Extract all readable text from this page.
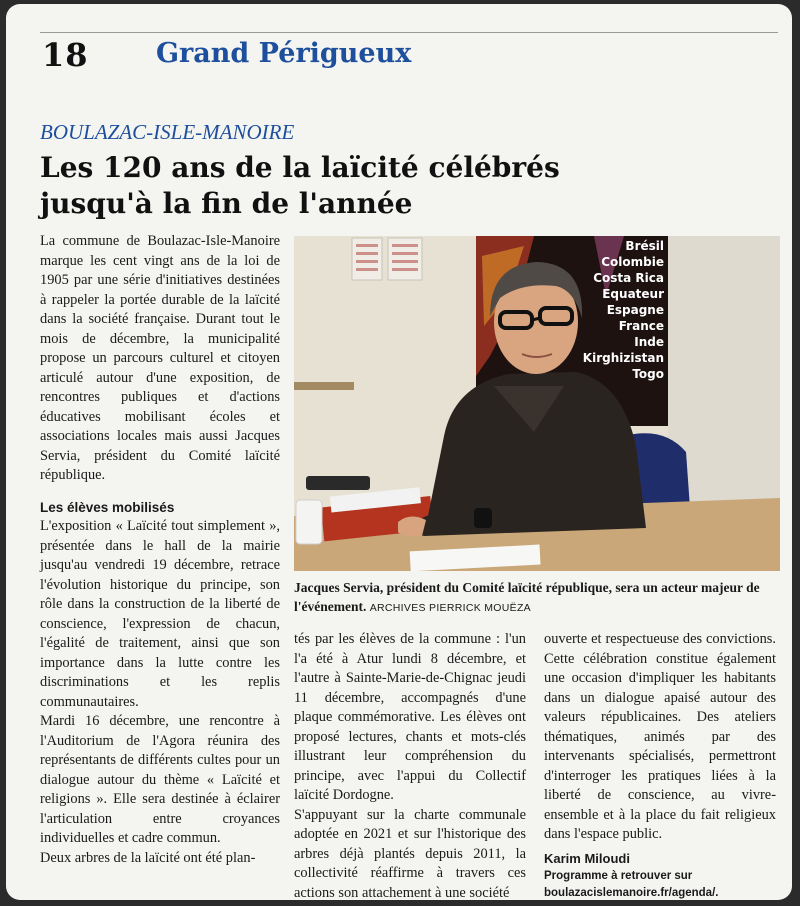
18 Grand Périgueux
BOULAZAC-ISLE-MANOIRE
Les 120 ans de la laïcité célébrés
jusqu'à la fin de l'année

La commune de Boulazac-Isle-Manoire marque les cent vingt ans de la loi de 1905 par une série d'initiatives destinées à rappeler la portée durable de la laïcité dans la société française. Durant tout le mois de décembre, la municipalité propose un parcours culturel et citoyen articulé autour d'une exposition, de rencontres publiques et d'actions éducatives mobilisant écoles et associations locales mais aussi Jacques Servia, président du Comité laïcité république.

Les élèves mobilisés

L'exposition « Laïcité tout simplement », présentée dans le hall de la mairie jusqu'au vendredi 19 décembre, retrace l'évolution historique du principe, son rôle dans la construction de la liberté de conscience, l'expression de chacun, l'égalité de traitement, ainsi que son importance dans la lutte contre les discriminations et les replis communautaires.

Mardi 16 décembre, une rencontre à l'Auditorium de l'Agora réunira des représentants de différents cultes pour un dialogue autour du thème « Laïcité et religions ». Elle sera destinée à éclairer l'articulation entre croyances individuelles et cadre commun.

Deux arbres de la laïcité ont été plan-

Brésil
Colombie
Costa Rica
Equateur
Espagne
France
Inde
Kirghizistan
Togo
Jacques Servia, président du Comité laïcité république, sera un acteur majeur de l'événement. ARCHIVES PIERRICK MOUËZA

tés par les élèves de la commune : l'un l'a été à Atur lundi 8 décembre, et l'autre à Sainte-Marie-de-Chignac jeudi 11 décembre, accompagnés d'une plaque commémorative. Les élèves ont proposé lectures, chants et mots-clés illustrant leur compréhension du principe, avec l'appui du Collectif laïcité Dordogne.

S'appuyant sur la charte communale adoptée en 2021 et sur l'historique des arbres déjà plantés depuis 2011, la collectivité réaffirme à travers ces actions son attachement à une société

ouverte et respectueuse des convictions. Cette célébration constitue également une occasion d'impliquer les habitants dans un dialogue apaisé autour des valeurs républicaines. Des ateliers thématiques, animés par des intervenants spécialisés, permettront d'interroger les pratiques liées à la liberté de conscience, au vivre-ensemble et à la place du fait religieux dans l'espace public.

Karim Miloudi

Programme à retrouver sur

boulazacislemanoire.fr/agenda/.
